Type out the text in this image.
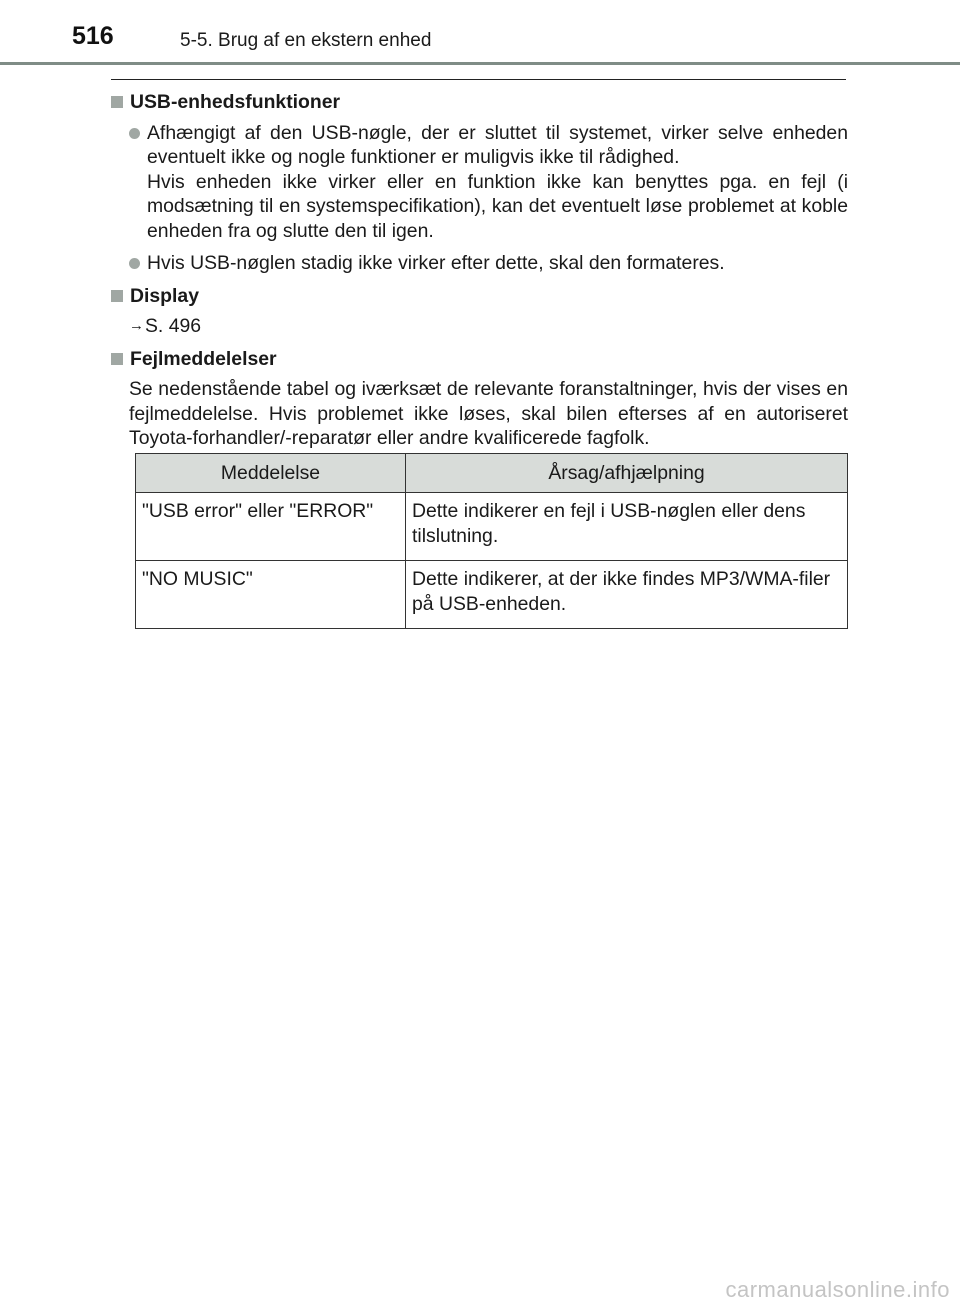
516	5-5. Brug af en ekstern enhed
USB-enhedsfunktioner

Afhængigt af den USB-nøgle, der er sluttet til systemet, virker selve enheden eventuelt ikke og nogle funktioner er muligvis ikke til rådighed.

Hvis enheden ikke virker eller en funktion ikke kan benyttes pga. en fejl (i modsætning til en systemspecifikation), kan det eventuelt løse problemet at koble enheden fra og slutte den til igen.

Hvis USB-nøglen stadig ikke virker efter dette, skal den formateres.

Display
→ S. 496
Fejlmeddelelser

Se nedenstående tabel og iværksæt de relevante foranstaltninger, hvis der vises en fejlmeddelelse. Hvis problemet ikke løses, skal bilen efterses af en autoriseret Toyota-forhandler/-reparatør eller andre kvalificerede fagfolk.

Meddelelse	Årsag/afhjælpning
"USB error" eller "ERROR"	Dette indikerer en fejl i USB-nøglen eller dens tilslutning.
"NO MUSIC"	Dette indikerer, at der ikke findes MP3/WMA-filer på USB-enheden.
carmanualsonline.info
